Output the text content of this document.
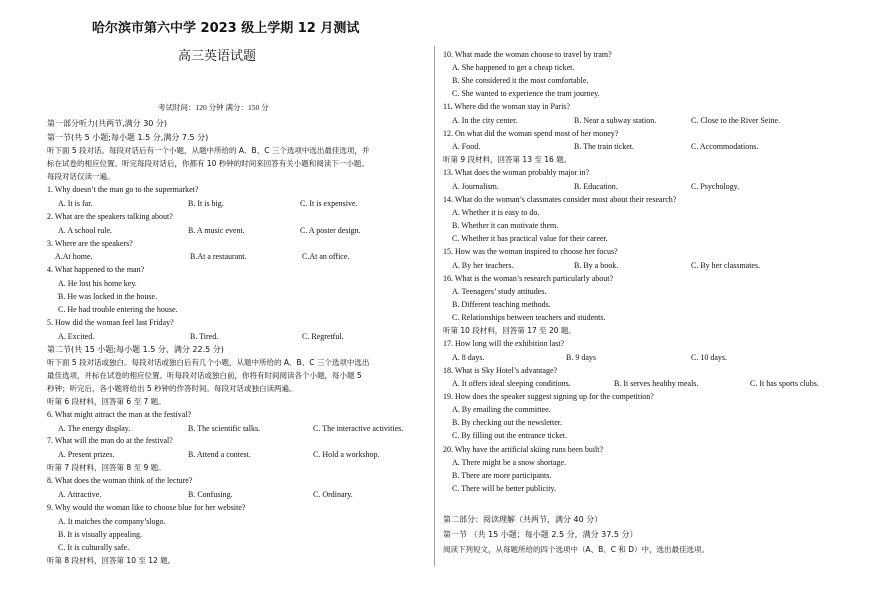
哈尔滨市第六中学 2023 级上学期 12 月测试
高三英语试题
考试时间：120 分钟 满分：150 分
第一部分听力(共两节,满分 30 分)
第一节(共 5 小题;每小题 1.5 分,满分 7.5 分)
听下面 5 段对话。每段对话后有一个小题，从题中所给的 A、B、C 三个选项中选出最佳选项，并
标在试卷的相应位置。听完每段对话后，你都有 10 秒钟的时间来回答有关小题和阅读下一小题。
每段对话仅读一遍。
1. Why doesn’t the man go to the supermarket?
A. It is far.	B. It is big.	C. It is expensive.
2. What are the speakers talking about?
A. A school rule.	B. A music event.	C. A poster design.
3. Where are the speakers?
A.At home.	B.At a restaurant.	C.At an office.
4. What happened to the man?
A. He lost his home key.
B. He was locked in the house.
C. He had trouble entering the house.
5. How did the woman feel last Friday?
A. Excited.	B. Tired.	C. Regretful.
第二节(共 15 小题;每小题 1.5 分，满分 22.5 分)
听下面 5 段对话或独白。每段对话或独白后有几个小题，从题中所给的 A、B、C 三个选项中选出
最佳选项，并标在试卷的相应位置。听每段对话或独白前，你将有时间阅读各个小题，每小题 5
秒钟；听完后，各小题将给出 5 秒钟的作答时间。每段对话或独白读两遍。
听第 6 段材料，回答第 6 至 7 题。
6. What might attract the man at the festival?
A. The energy display.	B. The scientific talks.	C. The interactive activities.
7. What will the man do at the festival?
A. Present prizes.	B. Attend a contest.	C. Hold a workshop.
听第 7 段材料，回答第 8 至 9 题。
8. What does the woman think of the lecture?
A. Attractive.	B. Confusing.	C. Ordinary.
9. Why would the woman like to choose blue for her website?
A. It matches the company’slogo.
B. It is visually appealing.
C. It is culturally safe.
听第 8 段材料，回答第 10 至 12 题。
10. What made the woman choose to travel by tram?
A. She happened to get a cheap ticket.
B. She considered it the most comfortable.
C. She wanted to experience the tram journey.
11. Where did the woman stay in Paris?
A. In the city center.	B. Near a subway station.	C. Close to the River Seine.
12. On what did the woman spend most of her money?
A. Food.	B. The train ticket.	C. Accommodations.
听第 9 段材料，回答第 13 至 16 题。
13. What does the woman probably major in?
A. Journalism.	B. Education.	C. Psychology.
14. What do the woman’s classmates consider most about their research?
A. Whether it is easy to do.
B. Whether it can motivate them.
C. Whether it has practical value for their career.
15. How was the woman inspired to choose her focus?
A. By her teachers.	B. By a book.	C. By her classmates.
16. What is the woman’s research particularly about?
A. Teenagers’ study attitudes.
B. Different teaching methods.
C. Relationships between teachers and students.
听第 10 段材料，回答第 17 至 20 题。
17. How long will the exhibition last?
A. 8 days.	B. 9 days	C. 10 days.
18. What is Sky Hotel’s advantage?
A. It offers ideal sleeping conditions.	B. It serves healthy meals.	C. It has sports clubs.
19. How does the speaker suggest signing up for the competition?
A. By emailing the committee.
B. By checking out the newsletter.
C. By filling out the entrance ticket.
20. Why have the artificial skiing runs been built?
A. There might be a snow shortage.
B. There are more participants.
C. There will be better publicity.
第二部分：阅读理解（共两节，满分 40 分）
第一节 （共 15 小题；每小题 2.5 分，满分 37.5 分）
阅读下列短文，从每题所给的四个选项中（A、B、C 和 D）中，选出最佳选项。
